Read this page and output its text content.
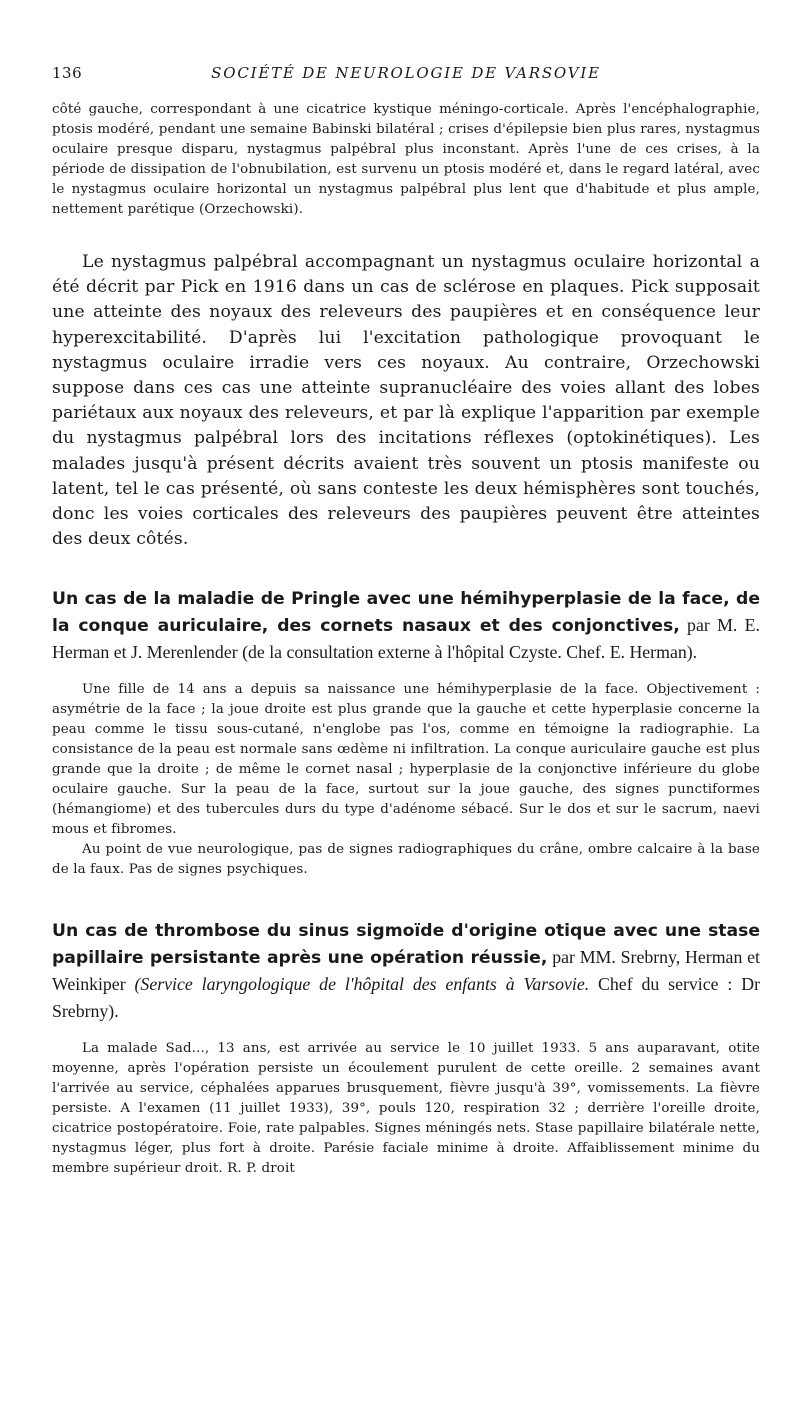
136	SOCIÉTÉ DE NEUROLOGIE DE VARSOVIE

côté gauche, correspondant à une cicatrice kystique méningo-corticale. Après l'encéphalographie, ptosis modéré, pendant une semaine Babinski bilatéral ; crises d'épilepsie bien plus rares, nystagmus oculaire presque disparu, nystagmus palpébral plus inconstant. Après l'une de ces crises, à la période de dissipation de l'obnubilation, est survenu un ptosis modéré et, dans le regard latéral, avec le nystagmus oculaire horizontal un nystagmus palpébral plus lent que d'habitude et plus ample, nettement parétique (Orzechowski).

Le nystagmus palpébral accompagnant un nystagmus oculaire horizontal a été décrit par Pick en 1916 dans un cas de sclérose en plaques. Pick supposait une atteinte des noyaux des releveurs des paupières et en conséquence leur hyperexcitabilité. D'après lui l'excitation pathologique provoquant le nystagmus oculaire irradie vers ces noyaux. Au contraire, Orzechowski suppose dans ces cas une atteinte supranucléaire des voies allant des lobes pariétaux aux noyaux des releveurs, et par là explique l'apparition par exemple du nystagmus palpébral lors des incitations réflexes (optokinétiques). Les malades jusqu'à présent décrits avaient très souvent un ptosis manifeste ou latent, tel le cas présenté, où sans conteste les deux hémisphères sont touchés, donc les voies corticales des releveurs des paupières peuvent être atteintes des deux côtés.

Un cas de la maladie de Pringle avec une hémihyperplasie de la face, de la conque auriculaire, des cornets nasaux et des conjonctives, par M. E. Herman et J. Merenlender (de la consultation externe à l'hôpital Czyste. Chef. E. Herman).

Une fille de 14 ans a depuis sa naissance une hémihyperplasie de la face. Objectivement : asymétrie de la face ; la joue droite est plus grande que la gauche et cette hyperplasie concerne la peau comme le tissu sous-cutané, n'englobe pas l'os, comme en témoigne la radiographie. La consistance de la peau est normale sans œdème ni infiltration. La conque auriculaire gauche est plus grande que la droite ; de même le cornet nasal ; hyperplasie de la conjonctive inférieure du globe oculaire gauche. Sur la peau de la face, surtout sur la joue gauche, des signes punctiformes (hémangiome) et des tubercules durs du type d'adénome sébacé. Sur le dos et sur le sacrum, naevi mous et fibromes.

Au point de vue neurologique, pas de signes radiographiques du crâne, ombre calcaire à la base de la faux. Pas de signes psychiques.

Un cas de thrombose du sinus sigmoïde d'origine otique avec une stase papillaire persistante après une opération réussie, par MM. Srebrny, Herman et Weinkiper (Service laryngologique de l'hôpital des enfants à Varsovie. Chef du service : Dr Srebrny).

La malade Sad..., 13 ans, est arrivée au service le 10 juillet 1933. 5 ans auparavant, otite moyenne, après l'opération persiste un écoulement purulent de cette oreille. 2 semaines avant l'arrivée au service, céphalées apparues brusquement, fièvre jusqu'à 39°, vomissements. La fièvre persiste. A l'examen (11 juillet 1933), 39°, pouls 120, respiration 32 ; derrière l'oreille droite, cicatrice postopératoire. Foie, rate palpables. Signes méningés nets. Stase papillaire bilatérale nette, nystagmus léger, plus fort à droite. Parésie faciale minime à droite. Affaiblissement minime du membre supérieur droit. R. P. droit
